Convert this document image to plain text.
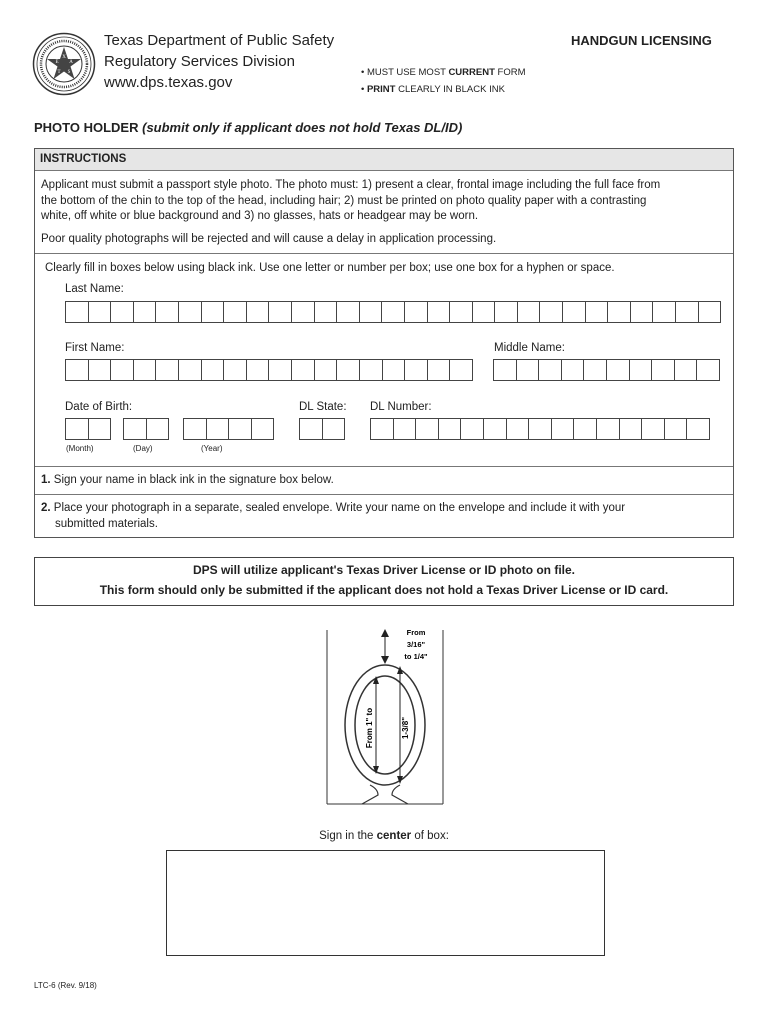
X
E A
T S
Texas Department of Public Safety
Regulatory Services Division
www.dps.texas.gov
HANDGUN LICENSING
• MUST USE MOST CURRENT FORM
• PRINT CLEARLY IN BLACK INK
PHOTO HOLDER (submit only if applicant does not hold Texas DL/ID)
INSTRUCTIONS
Applicant must submit a passport style photo. The photo must: 1) present a clear, frontal image including the full face from
the bottom of the chin to the top of the head, including hair; 2) must be printed on photo quality paper with a contrasting
white, off white or blue background and 3) no glasses, hats or headgear may be worn.
Poor quality photographs will be rejected and will cause a delay in application processing.
Clearly fill in boxes below using black ink. Use one letter or number per box; use one box for a hyphen or space.
Last Name:
First Name:	Middle Name:
Date of Birth:
(Month)	(Day)	(Year)
DL State: DL Number:
1. Sign your name in black ink in the signature box below.
2. Place your photograph in a separate, sealed envelope. Write your name on the envelope and include it with your
submitted materials.
DPS will utilize applicant's Texas Driver License or ID photo on file.
This form should only be submitted if the applicant does not hold a Texas Driver License or ID card.
From
3/16"
to 1/4"
From 1" to	1-3/8"
Sign in the center of box:
LTC-6 (Rev. 9/18)
